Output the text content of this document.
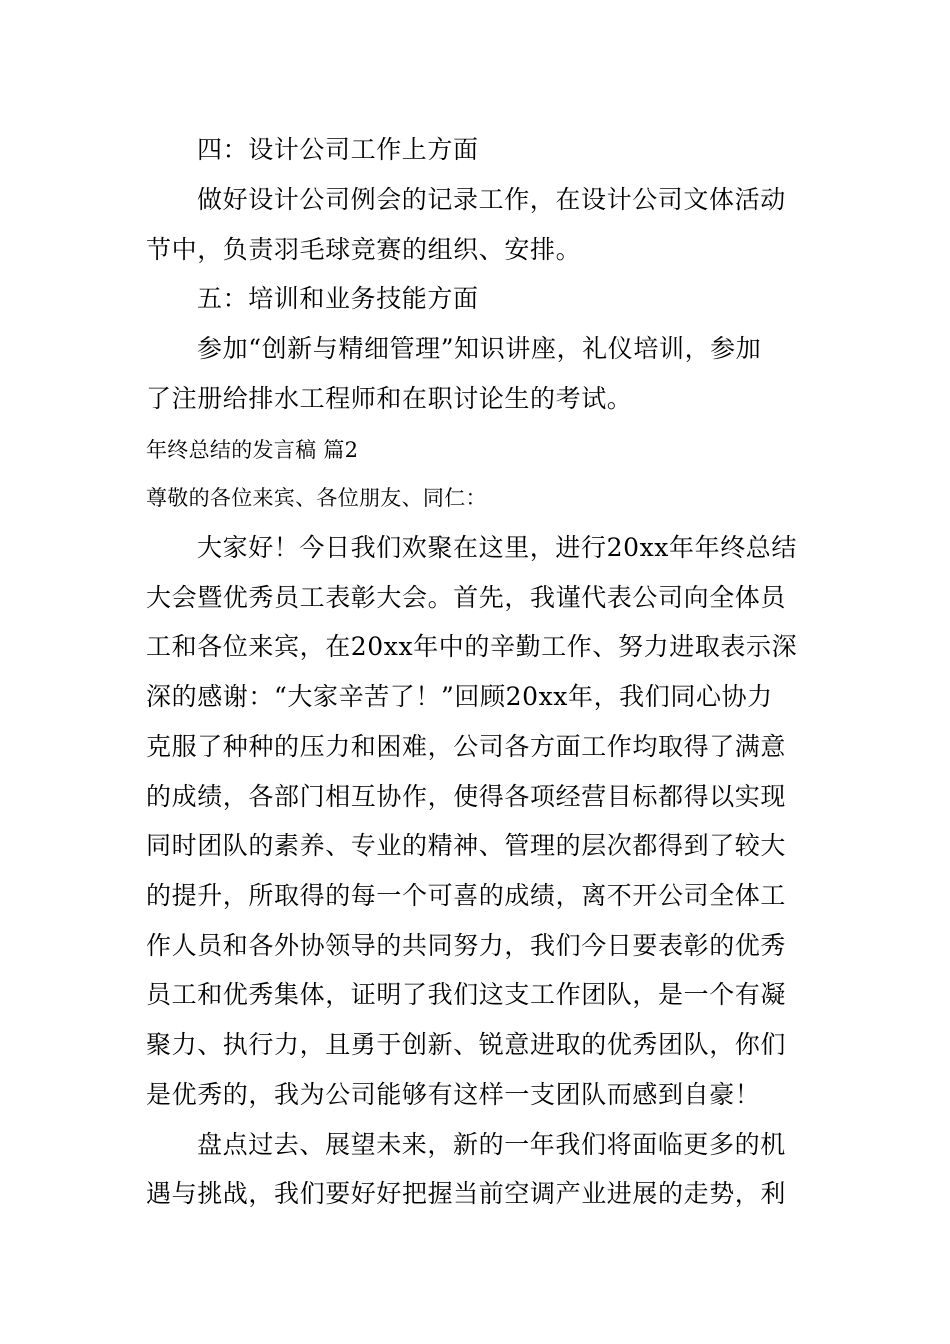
四：设计公司工作上方面
做好设计公司例会的记录工作，在设计公司文体活动
节中，负责羽毛球竞赛的组织、安排。
五：培训和业务技能方面
参加“创新与精细管理”知识讲座，礼仪培训，参加
了注册给排水工程师和在职讨论生的考试。
年终总结的发言稿 篇2
尊敬的各位来宾、各位朋友、同仁：
大家好！今日我们欢聚在这里，进行20xx年年终总结
大会暨优秀员工表彰大会。首先，我谨代表公司向全体员
工和各位来宾，在20xx年中的辛勤工作、努力进取表示深
深的感谢：“大家辛苦了！”回顾20xx年，我们同心协力
克服了种种的压力和困难，公司各方面工作均取得了满意
的成绩，各部门相互协作，使得各项经营目标都得以实现
同时团队的素养、专业的精神、管理的层次都得到了较大
的提升，所取得的每一个可喜的成绩，离不开公司全体工
作人员和各外协领导的共同努力，我们今日要表彰的优秀
员工和优秀集体，证明了我们这支工作团队，是一个有凝
聚力、执行力，且勇于创新、锐意进取的优秀团队，你们
是优秀的，我为公司能够有这样一支团队而感到自豪！
盘点过去、展望未来，新的一年我们将面临更多的机
遇与挑战，我们要好好把握当前空调产业进展的走势，利
